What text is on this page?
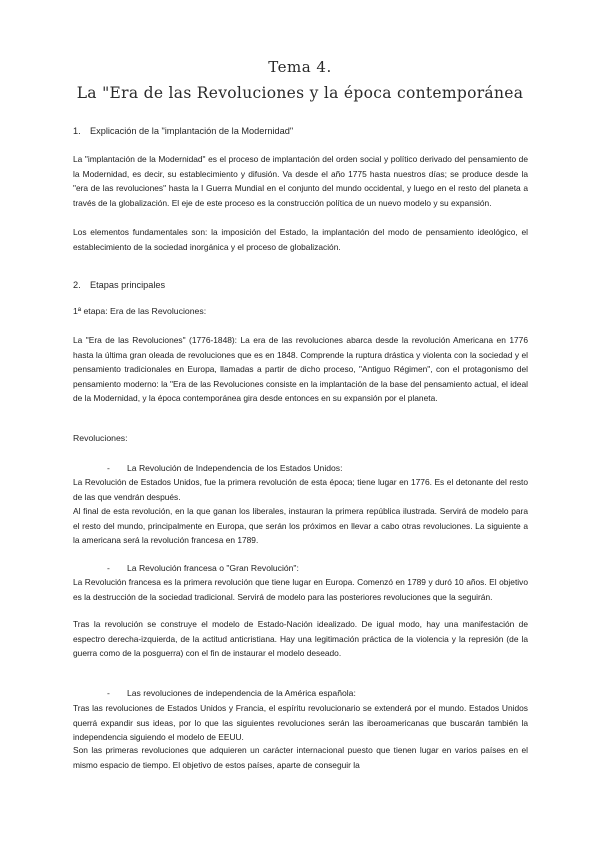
Tema 4.
La "Era de las Revoluciones y la época contemporánea

1. Explicación de la "implantación de la Modernidad"

La "implantación de la Modernidad" es el proceso de implantación del orden social y político derivado del pensamiento de la Modernidad, es decir, su establecimiento y difusión. Va desde el año 1775 hasta nuestros días; se produce desde la "era de las revoluciones" hasta la I Guerra Mundial en el conjunto del mundo occidental, y luego en el resto del planeta a través de la globalización. El eje de este proceso es la construcción política de un nuevo modelo y su expansión.

Los elementos fundamentales son: la imposición del Estado, la implantación del modo de pensamiento ideológico, el establecimiento de la sociedad inorgánica y el proceso de globalización.

2. Etapas principales

1ª etapa: Era de las Revoluciones:

La "Era de las Revoluciones" (1776-1848): La era de las revoluciones abarca desde la revolución Americana en 1776 hasta la última gran oleada de revoluciones que es en 1848. Comprende la ruptura drástica y violenta con la sociedad y el pensamiento tradicionales en Europa, llamadas a partir de dicho proceso, "Antiguo Régimen", con el protagonismo del pensamiento moderno: la "Era de las Revoluciones consiste en la implantación de la base del pensamiento actual, el ideal de la Modernidad, y la época contemporánea gira desde entonces en su expansión por el planeta.

Revoluciones:

- La Revolución de Independencia de los Estados Unidos:

La Revolución de Estados Unidos, fue la primera revolución de esta época; tiene lugar en 1776. Es el detonante del resto de las que vendrán después.

Al final de esta revolución, en la que ganan los liberales, instauran la primera república ilustrada. Servirá de modelo para el resto del mundo, principalmente en Europa, que serán los próximos en llevar a cabo otras revoluciones. La siguiente a la americana será la revolución francesa en 1789.

- La Revolución francesa o "Gran Revolución":

La Revolución francesa es la primera revolución que tiene lugar en Europa. Comenzó en 1789 y duró 10 años. El objetivo es la destrucción de la sociedad tradicional. Servirá de modelo para las posteriores revoluciones que la seguirán.

Tras la revolución se construye el modelo de Estado-Nación idealizado. De igual modo, hay una manifestación de espectro derecha-izquierda, de la actitud anticristiana. Hay una legitimación práctica de la violencia y la represión (de la guerra como de la posguerra) con el fin de instaurar el modelo deseado.

- Las revoluciones de independencia de la América española:

Tras las revoluciones de Estados Unidos y Francia, el espíritu revolucionario se extenderá por el mundo. Estados Unidos querrá expandir sus ideas, por lo que las siguientes revoluciones serán las iberoamericanas que buscarán también la independencia siguiendo el modelo de EEUU.

Son las primeras revoluciones que adquieren un carácter internacional puesto que tienen lugar en varios países en el mismo espacio de tiempo. El objetivo de estos países, aparte de conseguir la
